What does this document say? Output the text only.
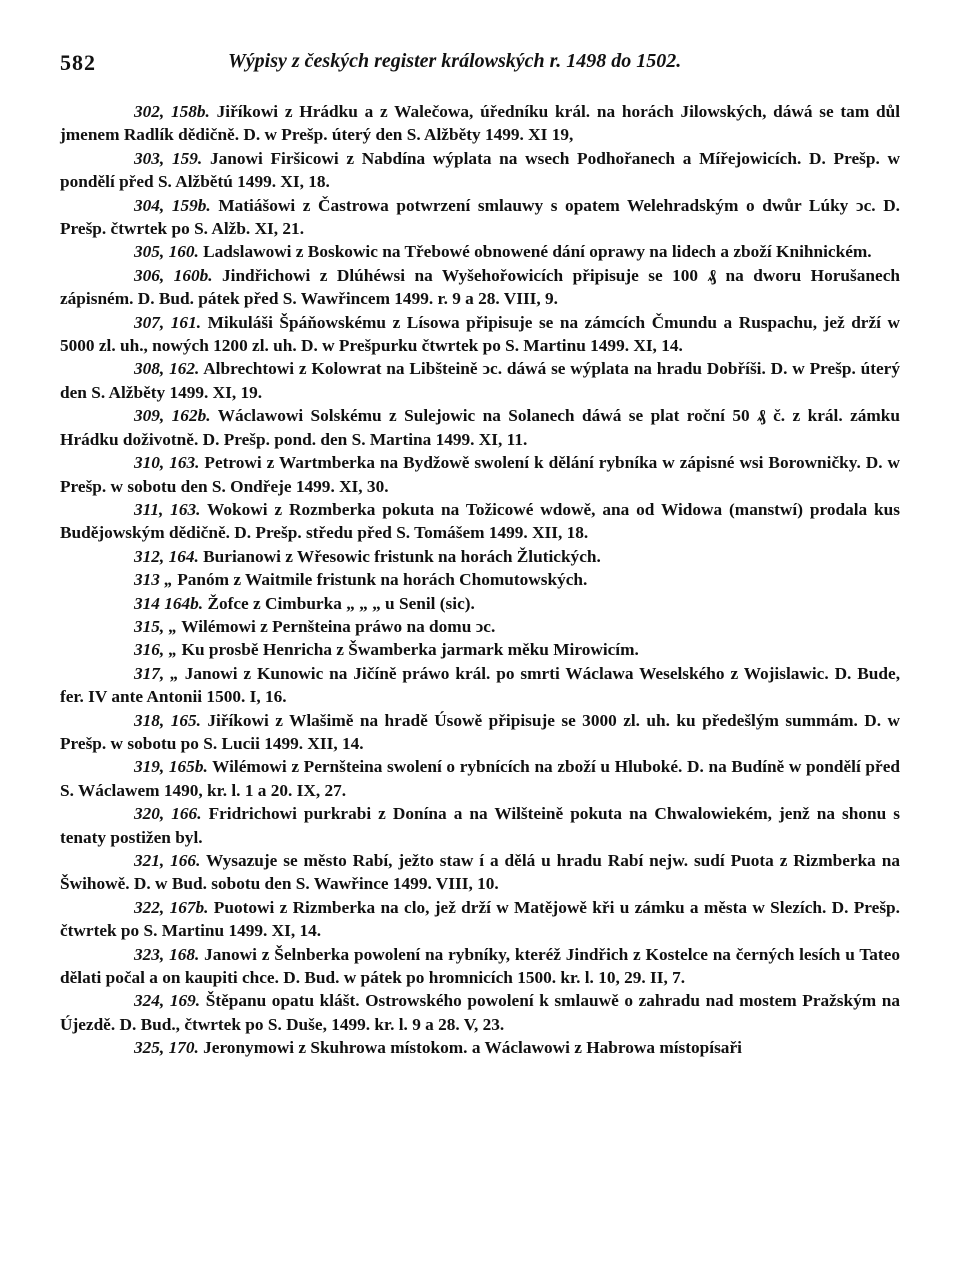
582	Wýpisy z českých register králowských r. 1498 do 1502.

302, 158b. Jiříkowi z Hrádku a z Walečowa, úředníku král. na horách Jilowských, dáwá se tam důl jmenem Radlík dědičně. D. w Prešp. úterý den S. Alžběty 1499. XI 19,

303, 159. Janowi Firšicowi z Nabdína wýplata na wsech Podhořanech a Mířejowicích. D. Prešp. w pondělí před S. Alžbětú 1499. XI, 18.

304, 159b. Matiášowi z Častrowa potwrzení smlauwy s opatem Welehradským o dwůr Lúky ↄc. D. Prešp. čtwrtek po S. Alžb. XI, 21.

305, 160. Ladslawowi z Boskowic na Třebowé obnowené dání oprawy na lidech a zboží Knihnickém.

306, 160b. Jindřichowi z Dlúhéwsi na Wyšehořowicích připisuje se 100 ₰ na dworu Horušanech zápisném. D. Bud. pátek před S. Wawřincem 1499. r. 9 a 28. VIII, 9.

307, 161. Mikuláši Špáňowskému z Lísowa připisuje se na zámcích Čmundu a Ruspachu, jež drží w 5000 zl. uh., nowých 1200 zl. uh. D. w Prešpurku čtwrtek po S. Martinu 1499. XI, 14.

308, 162. Albrechtowi z Kolowrat na Libšteině ↄc. dáwá se wýplata na hradu Dobříši. D. w Prešp. úterý den S. Alžběty 1499. XI, 19.

309, 162b. Wáclawowi Solskému z Sulejowic na Solanech dáwá se plat roční 50 ₰ č. z král. zámku Hrádku doživotně. D. Prešp. pond. den S. Martina 1499. XI, 11.

310, 163. Petrowi z Wartmberka na Bydžowě swolení k dělání rybníka w zápisné wsi Borowničky. D. w Prešp. w sobotu den S. Ondřeje 1499. XI, 30.

311, 163. Wokowi z Rozmberka pokuta na Tožicowé wdowě, ana od Widowa (manstwí) prodala kus Budějowským dědičně. D. Prešp. středu před S. Tomášem 1499. XII, 18.

312, 164. Burianowi z Wřesowic fristunk na horách Žlutických.

313 „ Panóm z Waitmile fristunk na horách Chomutowských.

314 164b. Žofce z Cimburka „ „ „ u Senil (sic).

315, „ Wilémowi z Pernšteina práwo na domu ↄc.

316, „ Ku prosbě Henricha z Šwamberka jarmark měku Mirowicím.

317, „ Janowi z Kunowic na Jičíně práwo král. po smrti Wáclawa Weselského z Wojislawic. D. Bude, fer. IV ante Antonii 1500. I, 16.

318, 165. Jiříkowi z Wlašimě na hradě Úsowě připisuje se 3000 zl. uh. ku předešlým summám. D. w Prešp. w sobotu po S. Lucii 1499. XII, 14.

319, 165b. Wilémowi z Pernšteina swolení o rybnících na zboží u Hluboké. D. na Budíně w pondělí před S. Wáclawem 1490, kr. l. 1 a 20. IX, 27.

320, 166. Fridrichowi purkrabi z Donína a na Wilšteině pokuta na Chwalowiekém, jenž na shonu s tenaty postižen byl.

321, 166. Wysazuje se město Rabí, ježto staw í a dělá u hradu Rabí nejw. sudí Puota z Rizmberka na Šwihowě. D. w Bud. sobotu den S. Wawřince 1499. VIII, 10.

322, 167b. Puotowi z Rizmberka na clo, jež drží w Matějowě kři u zámku a města w Slezích. D. Prešp. čtwrtek po S. Martinu 1499. XI, 14.

323, 168. Janowi z Šelnberka powolení na rybníky, kteréž Jindřich z Kostelce na černých lesích u Tateo dělati počal a on kaupiti chce. D. Bud. w pátek po hromnicích 1500. kr. l. 10, 29. II, 7.

324, 169. Štěpanu opatu klášt. Ostrowského powolení k smlauwě o zahradu nad mostem Pražským na Újezdě. D. Bud., čtwrtek po S. Duše, 1499. kr. l. 9 a 28. V, 23.

325, 170. Jeronymowi z Skuhrowa místokom. a Wáclawowi z Habrowa místopísaři
